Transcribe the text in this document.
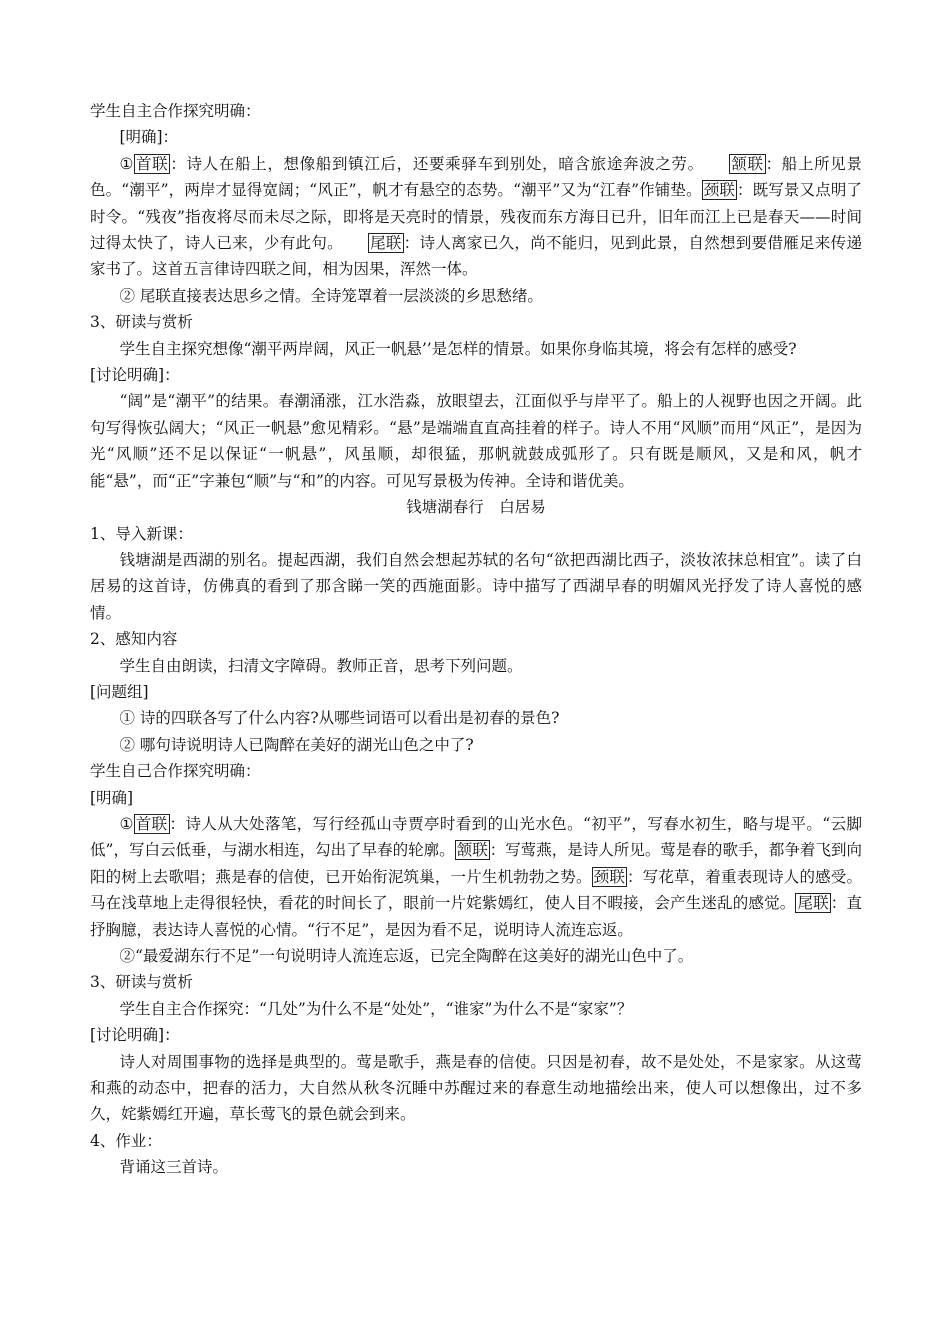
学生自主合作探究明确：

[明确]：

① 首联 ：诗人在船上，想像船到镇江后，还要乘驿车到别处，暗含旅途奔波之劳。 颔联 ：船上所见景色。“潮平”，两岸才显得宽阔；“风正”，帆才有悬空的态势。“潮平”又为“江春”作铺垫。 颈联 ：既写景又点明了时令。“残夜”指夜将尽而未尽之际，即将是天亮时的情景，残夜而东方海日已升，旧年而江上已是春天——时间过得太快了，诗人已来，少有此句。 尾联 ：诗人离家已久，尚不能归，见到此景，自然想到要借雁足来传递家书了。这首五言律诗四联之间，相为因果，浑然一体。

② 尾联直接表达思乡之情。全诗笼罩着一层淡淡的乡思愁绪。

3、研读与赏析

学生自主探究想像“潮平两岸阔，风正一帆悬’’是怎样的情景。如果你身临其境，将会有怎样的感受?

[讨论明确]：

“阔”是“潮平”的结果。春潮涌涨，江水浩淼，放眼望去，江面似乎与岸平了。船上的人视野也因之开阔。此句写得恢弘阔大；“风正一帆悬”愈见精彩。“悬”是端端直直高挂着的样子。诗人不用“风顺”而用“风正”，是因为光“风顺”还不足以保证“一帆悬”，风虽顺，却很猛，那帆就鼓成弧形了。只有既是顺风，又是和风，帆才能“悬”，而“正”字兼包“顺”与“和”的内容。可见写景极为传神。全诗和谐优美。

钱塘湖春行　白居易

1、导入新课：

钱塘湖是西湖的别名。提起西湖，我们自然会想起苏轼的名句“欲把西湖比西子，淡妆浓抹总相宜”。读了白居易的这首诗，仿佛真的看到了那含睇一笑的西施面影。诗中描写了西湖早春的明媚风光抒发了诗人喜悦的感情。

2、感知内容

学生自由朗读，扫清文字障碍。教师正音，思考下列问题。

[问题组]

① 诗的四联各写了什么内容?从哪些词语可以看出是初春的景色?

② 哪句诗说明诗人已陶醉在美好的湖光山色之中了?

学生自己合作探究明确：

[明确]

① 首联 ：诗人从大处落笔，写行经孤山寺贾亭时看到的山光水色。“初平”，写春水初生，略与堤平。“云脚低”，写白云低垂，与湖水相连，勾出了早春的轮廓。 颔联 ：写莺燕，是诗人所见。莺是春的歌手，都争着飞到向阳的树上去歌唱；燕是春的信使，已开始衔泥筑巢，一片生机勃勃之势。 颈联 ：写花草，着重表现诗人的感受。马在浅草地上走得很轻快，看花的时间长了，眼前一片姹紫嫣红，使人目不暇接，会产生迷乱的感觉。 尾联 ：直抒胸臆，表达诗人喜悦的心情。“行不足”，是因为看不足，说明诗人流连忘返。

②“最爱湖东行不足”一句说明诗人流连忘返，已完全陶醉在这美好的湖光山色中了。

3、研读与赏析

学生自主合作探究：“几处”为什么不是“处处”，“谁家”为什么不是“家家”？

[讨论明确]：

诗人对周围事物的选择是典型的。莺是歌手，燕是春的信使。只因是初春，故不是处处，不是家家。从这莺和燕的动态中，把春的活力，大自然从秋冬沉睡中苏醒过来的春意生动地描绘出来，使人可以想像出，过不多久，姹紫嫣红开遍，草长莺飞的景色就会到来。

4、作业：

背诵这三首诗。
